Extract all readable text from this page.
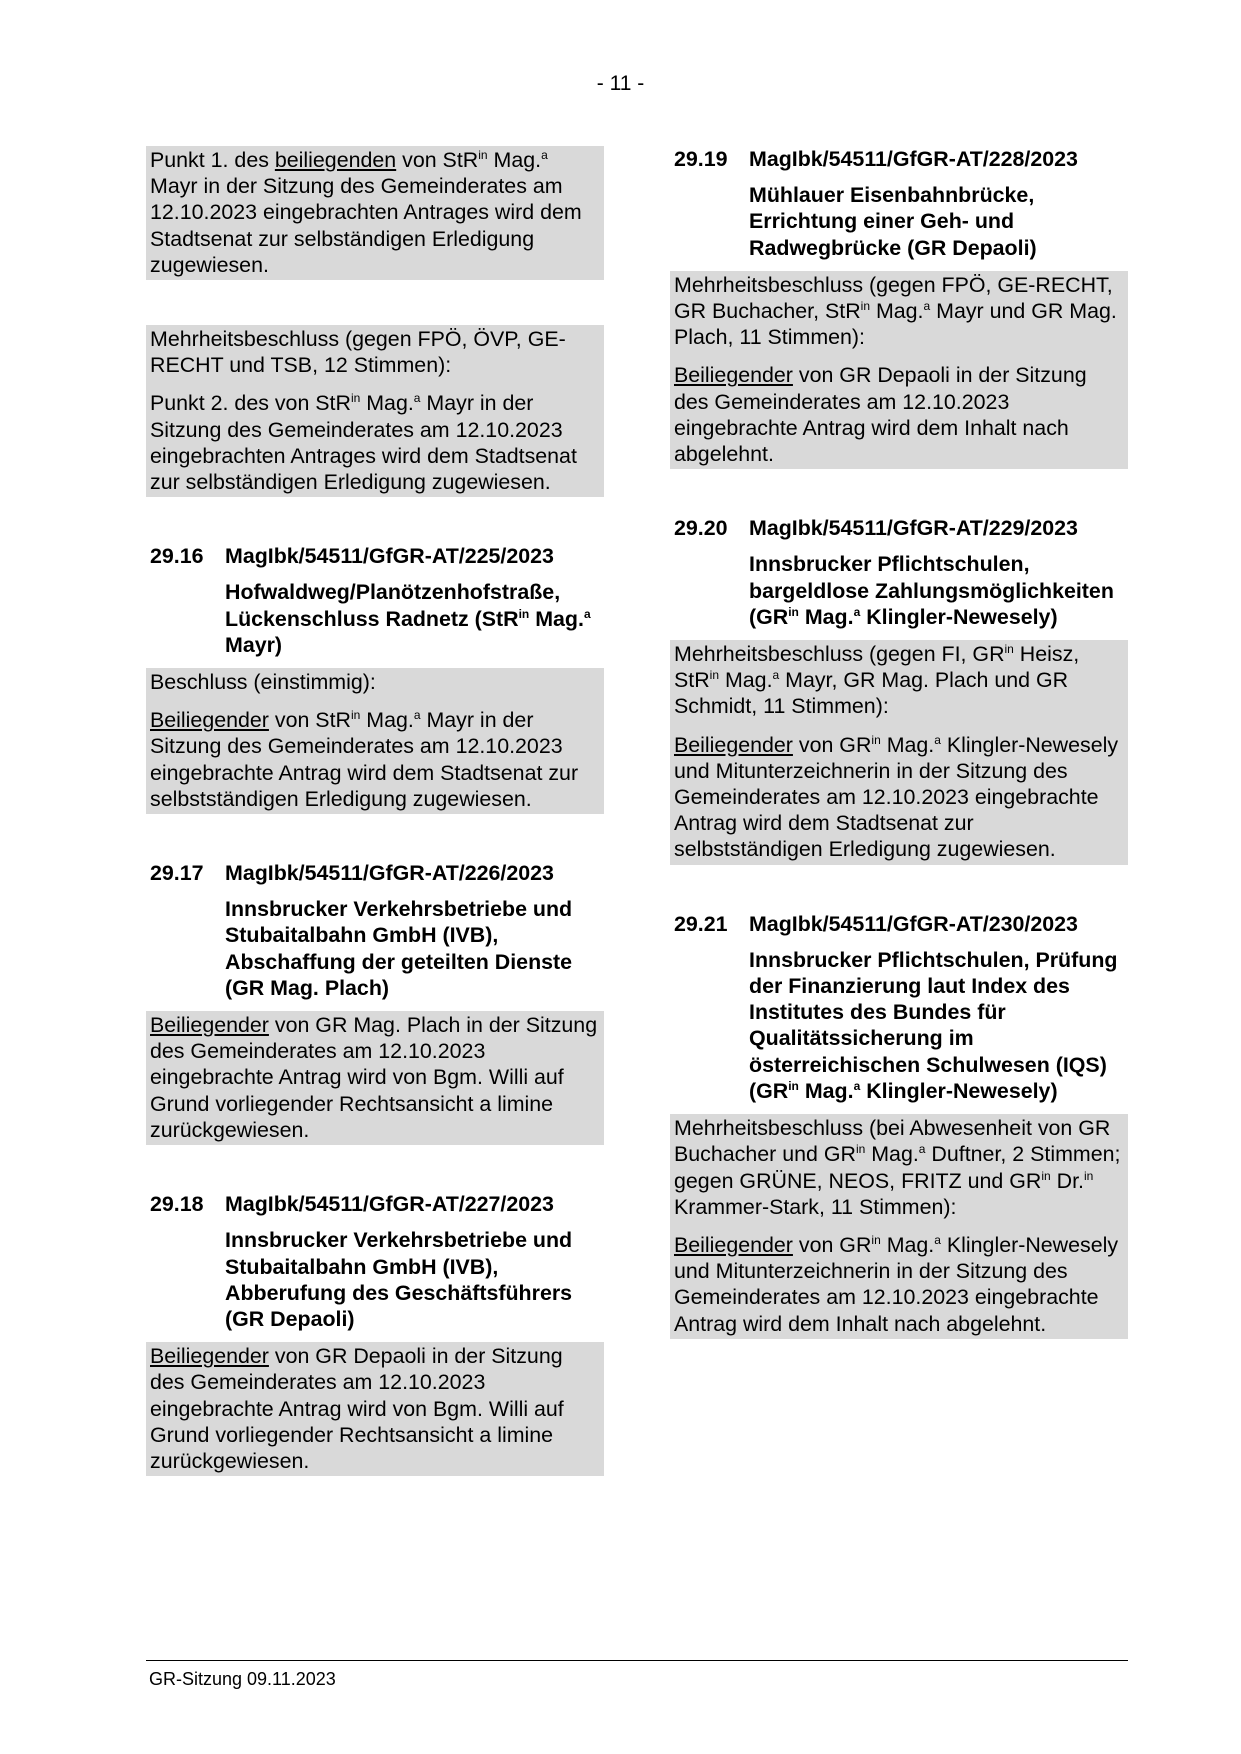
- 11 -

Punkt 1. des beiliegenden von StR$^{in}$ Mag.$^a$ Mayr in der Sitzung des Gemeinderates am 12.10.2023 eingebrachten Antrages wird dem Stadtsenat zur selbständigen Erledigung zugewiesen.

Mehrheitsbeschluss (gegen FPÖ, ÖVP, GE-RECHT und TSB, 12 Stimmen):

Punkt 2. des von StR$^{in}$ Mag.$^a$ Mayr in der Sitzung des Gemeinderates am 12.10.2023 eingebrachten Antrages wird dem Stadtsenat zur selbständigen Erledigung zugewiesen.

29.16	MagIbk/54511/GfGR-AT/225/2023
Hofwaldweg/Planötzenhofstraße, Lückenschluss Radnetz (StR$^{in}$ Mag.$^a$ Mayr)

Beschluss (einstimmig):

Beiliegender von StR$^{in}$ Mag.$^a$ Mayr in der Sitzung des Gemeinderates am 12.10.2023 eingebrachte Antrag wird dem Stadtsenat zur selbstständigen Erledigung zugewiesen.

29.17	MagIbk/54511/GfGR-AT/226/2023
Innsbrucker Verkehrsbetriebe und Stubaitalbahn GmbH (IVB), Abschaffung der geteilten Dienste (GR Mag. Plach)

Beiliegender von GR Mag. Plach in der Sitzung des Gemeinderates am 12.10.2023 eingebrachte Antrag wird von Bgm. Willi auf Grund vorliegender Rechtsansicht a limine zurückgewiesen.

29.18	MagIbk/54511/GfGR-AT/227/2023
Innsbrucker Verkehrsbetriebe und Stubaitalbahn GmbH (IVB), Abberufung des Geschäftsführers (GR Depaoli)

Beiliegender von GR Depaoli in der Sitzung des Gemeinderates am 12.10.2023 eingebrachte Antrag wird von Bgm. Willi auf Grund vorliegender Rechtsansicht a limine zurückgewiesen.

29.19	MagIbk/54511/GfGR-AT/228/2023
Mühlauer Eisenbahnbrücke, Errichtung einer Geh- und Radwegbrücke (GR Depaoli)

Mehrheitsbeschluss (gegen FPÖ, GE-RECHT, GR Buchacher, StR$^{in}$ Mag.$^a$ Mayr und GR Mag. Plach, 11 Stimmen):

Beiliegender von GR Depaoli in der Sitzung des Gemeinderates am 12.10.2023 eingebrachte Antrag wird dem Inhalt nach abgelehnt.

29.20	MagIbk/54511/GfGR-AT/229/2023
Innsbrucker Pflichtschulen, bargeldlose Zahlungsmöglichkeiten ($GR^{in}$ Mag.$^a$ Klingler-Newesely)

Mehrheitsbeschluss (gegen FI, $GR^{in}$ Heisz, StR$^{in}$ Mag.$^a$ Mayr, GR Mag. Plach und GR Schmidt, 11 Stimmen):

Beiliegender von $GR^{in}$ Mag.$^a$ Klingler-Newesely und Mitunterzeichnerin in der Sitzung des Gemeinderates am 12.10.2023 eingebrachte Antrag wird dem Stadtsenat zur selbstständigen Erledigung zugewiesen.

29.21	MagIbk/54511/GfGR-AT/230/2023
Innsbrucker Pflichtschulen, Prüfung der Finanzierung laut Index des Institutes des Bundes für Qualitätssicherung im österreichischen Schulwesen (IQS)
($GR^{in}$ Mag.$^a$ Klingler-Newesely)

Mehrheitsbeschluss (bei Abwesenheit von GR Buchacher und $GR^{in}$ Mag.$^a$ Duftner, 2 Stimmen; gegen GRÜNE, NEOS, FRITZ und $GR^{in}$ Dr.$^{in}$ Krammer-Stark, 11 Stimmen):

Beiliegender von $GR^{in}$ Mag.$^a$ Klingler-Newesely und Mitunterzeichnerin in der Sitzung des Gemeinderates am 12.10.2023 eingebrachte Antrag wird dem Inhalt nach abgelehnt.

GR-Sitzung 09.11.2023
